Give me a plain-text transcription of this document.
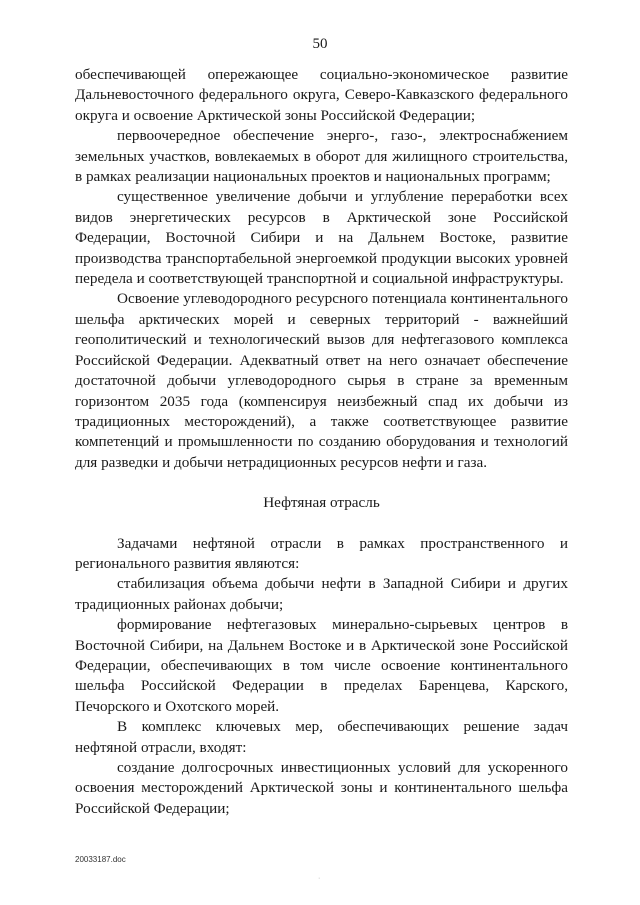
50

обеспечивающей опережающее социально-экономическое развитие Дальневосточного федерального округа, Северо-Кавказского федерального округа и освоение Арктической зоны Российской Федерации;

первоочередное обеспечение энерго-, газо-, электроснабжением земельных участков, вовлекаемых в оборот для жилищного строительства, в рамках реализации национальных проектов и национальных программ;

существенное увеличение добычи и углубление переработки всех видов энергетических ресурсов в Арктической зоне Российской Федерации, Восточной Сибири и на Дальнем Востоке, развитие производства транспортабельной энергоемкой продукции высоких уровней передела и соответствующей транспортной и социальной инфраструктуры.

Освоение углеводородного ресурсного потенциала континентального шельфа арктических морей и северных территорий - важнейший геополитический и технологический вызов для нефтегазового комплекса Российской Федерации. Адекватный ответ на него означает обеспечение достаточной добычи углеводородного сырья в стране за временным горизонтом 2035 года (компенсируя неизбежный спад их добычи из традиционных месторождений), а также соответствующее развитие компетенций и промышленности по созданию оборудования и технологий для разведки и добычи нетрадиционных ресурсов нефти и газа.

Нефтяная отрасль

Задачами нефтяной отрасли в рамках пространственного и регионального развития являются:

стабилизация объема добычи нефти в Западной Сибири и других традиционных районах добычи;

формирование нефтегазовых минерально-сырьевых центров в Восточной Сибири, на Дальнем Востоке и в Арктической зоне Российской Федерации, обеспечивающих в том числе освоение континентального шельфа Российской Федерации в пределах Баренцева, Карского, Печорского и Охотского морей.

В комплекс ключевых мер, обеспечивающих решение задач нефтяной отрасли, входят:

создание долгосрочных инвестиционных условий для ускоренного освоения месторождений Арктической зоны и континентального шельфа Российской Федерации;

20033187.doc
·
